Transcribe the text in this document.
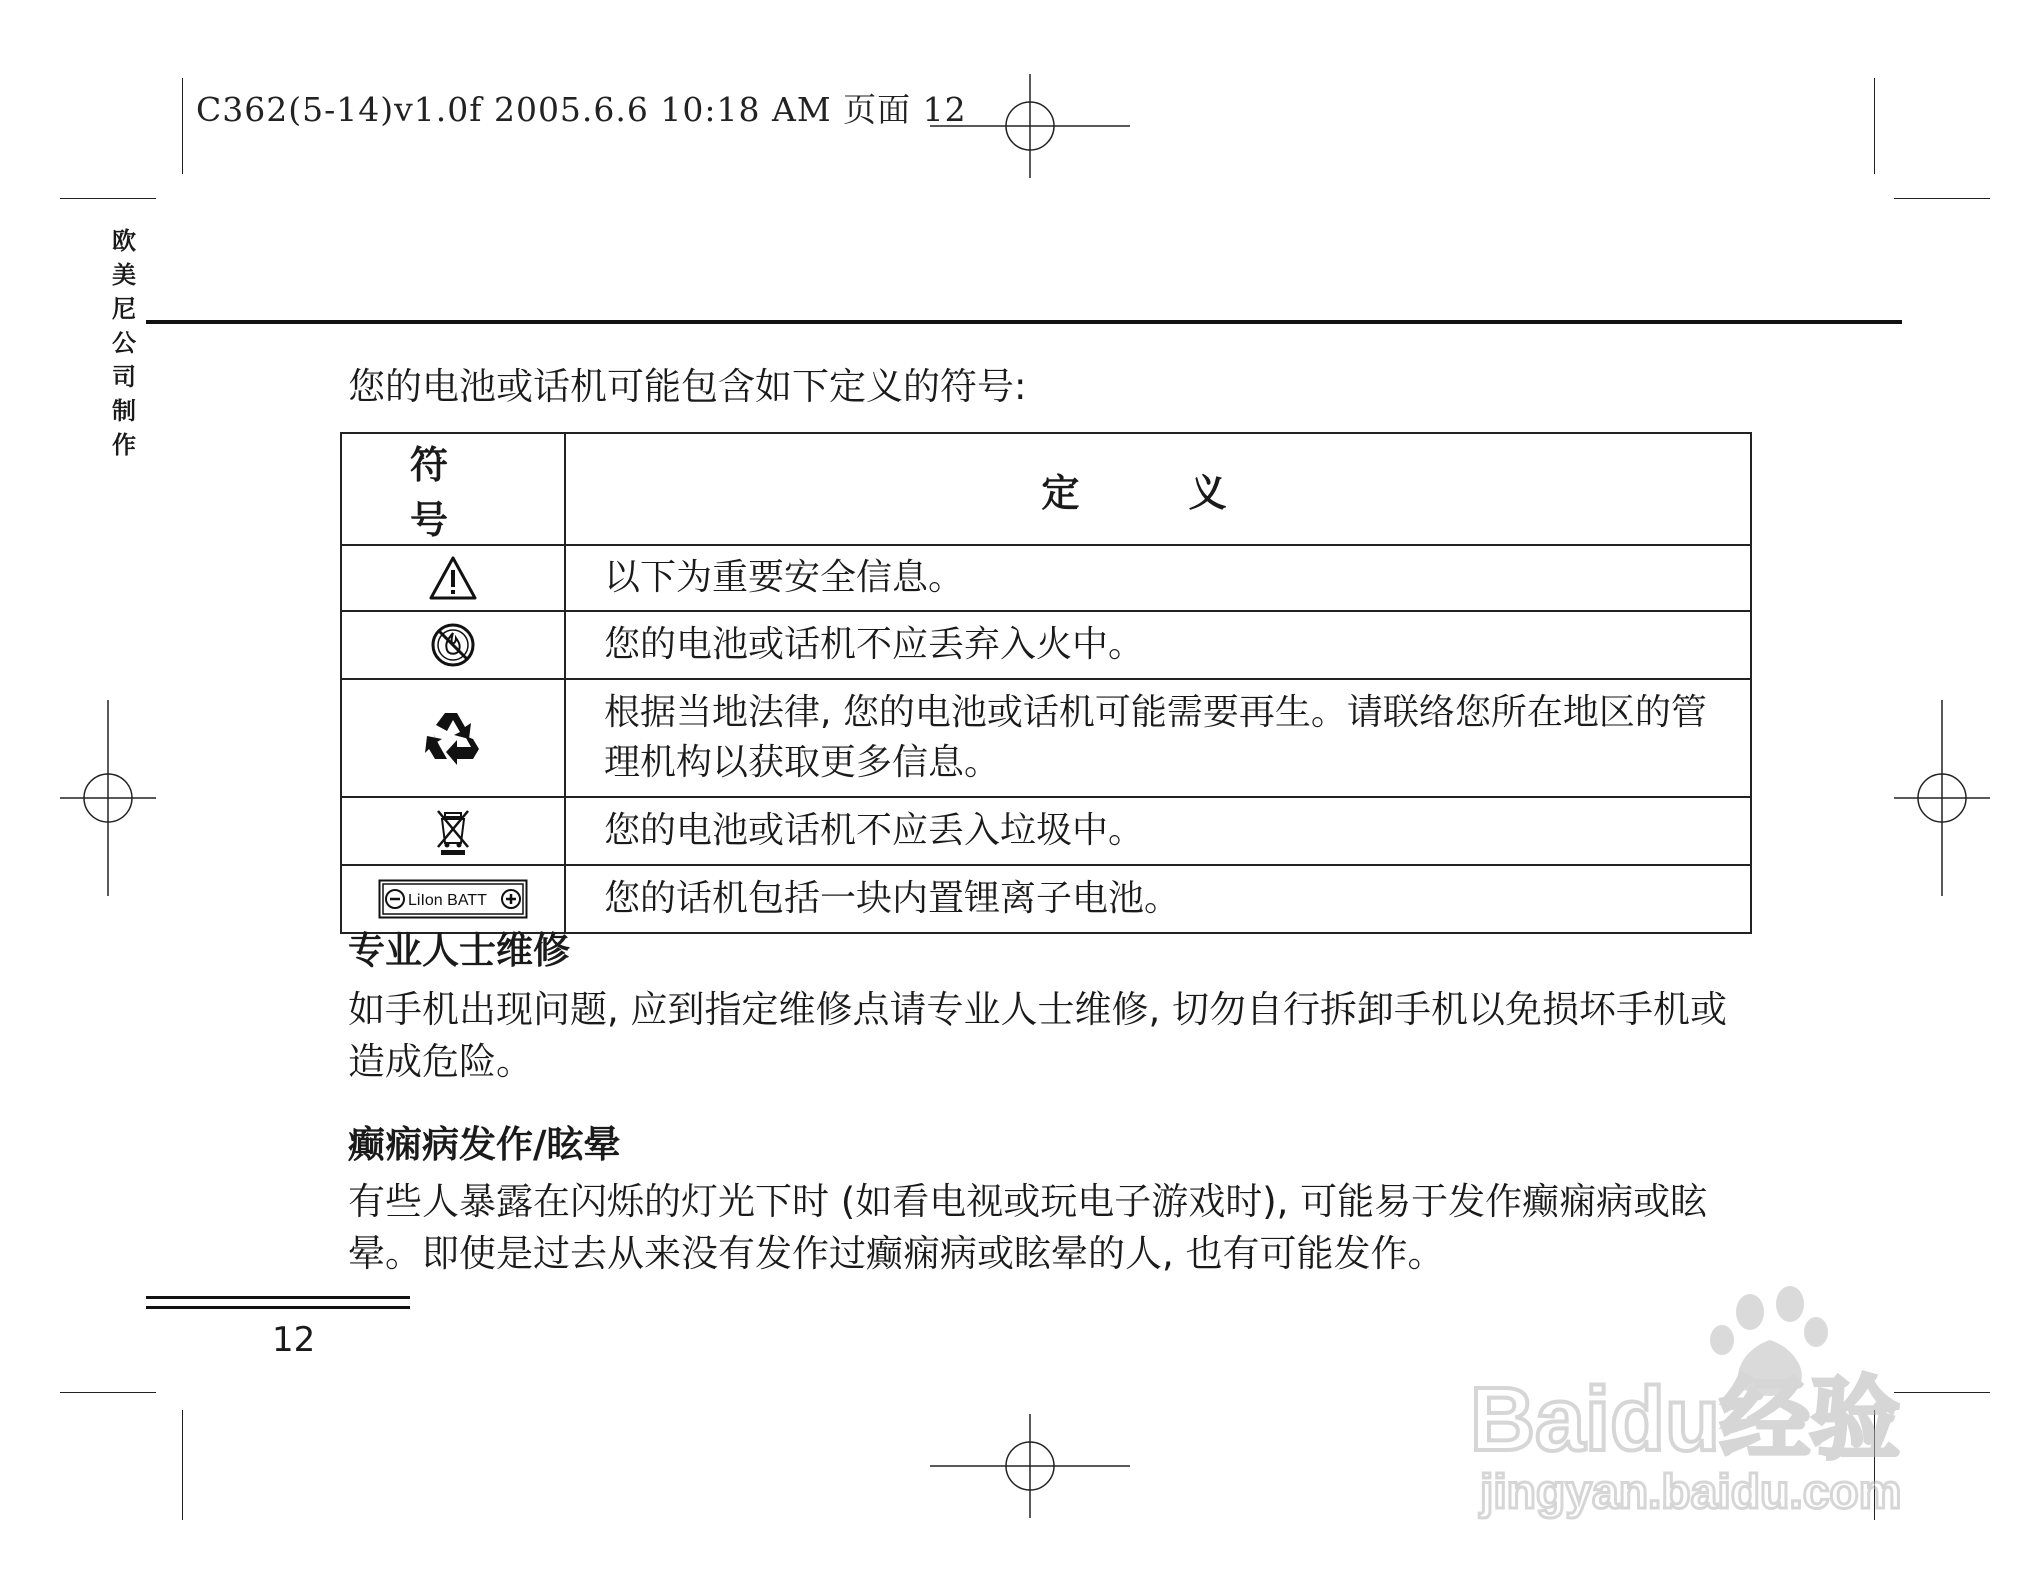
C362(5-14)v1.0f 2005.6.6 10:18 AM 页面 12
欧
美
尼
公
司
制
作
您的电池或话机可能包含如下定义的符号:
符 号	定 义

	以下为重要安全信息。

	您的电池或话机不应丢弃入火中。

	根据当地法律, 您的电池或话机可能需要再生。请联络您所在地区的管理机构以获取更多信息。

	您的电池或话机不应丢入垃圾中。

LiIon BATT	您的话机包括一块内置锂离子电池。
专业人士维修
如手机出现问题, 应到指定维修点请专业人士维修, 切勿自行拆卸手机以免损坏手机或造成危险。
癫痫病发作/眩晕
有些人暴露在闪烁的灯光下时 (如看电视或玩电子游戏时), 可能易于发作癫痫病或眩晕。即使是过去从来没有发作过癫痫病或眩晕的人, 也有可能发作。
12
Baidu经验
jingyan.baidu.com
